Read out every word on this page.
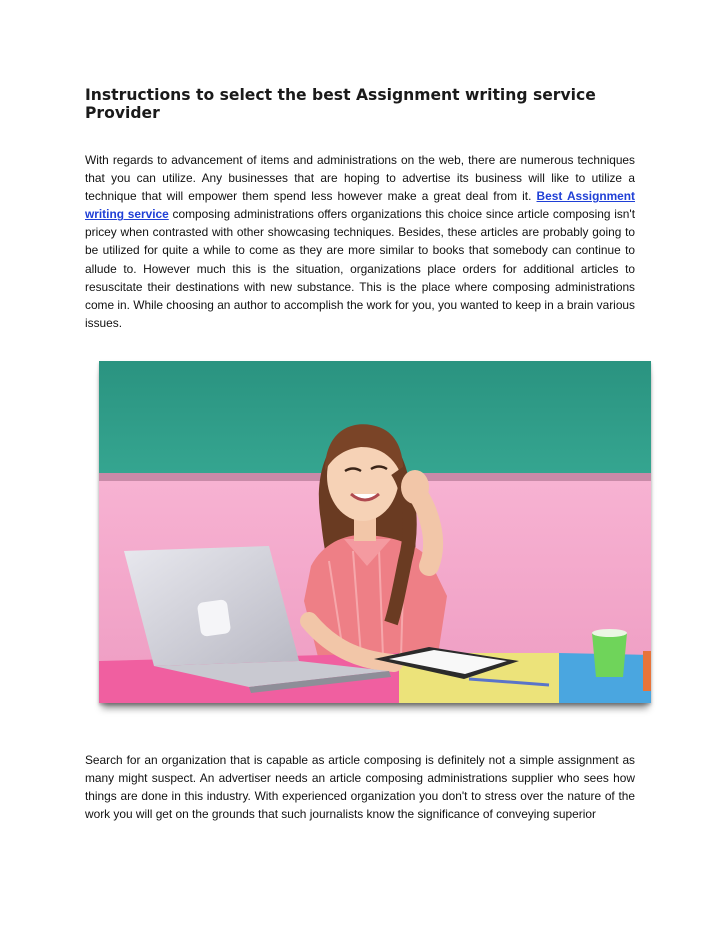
Instructions to select the best Assignment writing service Provider

With regards to advancement of items and administrations on the web, there are numerous techniques that you can utilize. Any businesses that are hoping to advertise its business will like to utilize a technique that will empower them spend less however make a great deal from it. Best Assignment writing service composing administrations offers organizations this choice since article composing isn't pricey when contrasted with other showcasing techniques. Besides, these articles are probably going to be utilized for quite a while to come as they are more similar to books that somebody can continue to allude to. However much this is the situation, organizations place orders for additional articles to resuscitate their destinations with new substance. This is the place where composing administrations come in. While choosing an author to accomplish the work for you, you wanted to keep in a brain various issues.

Search for an organization that is capable as article composing is definitely not a simple assignment as many might suspect. An advertiser needs an article composing administrations supplier who sees how things are done in this industry. With experienced organization you don't to stress over the nature of the work you will get on the grounds that such journalists know the significance of conveying superior
